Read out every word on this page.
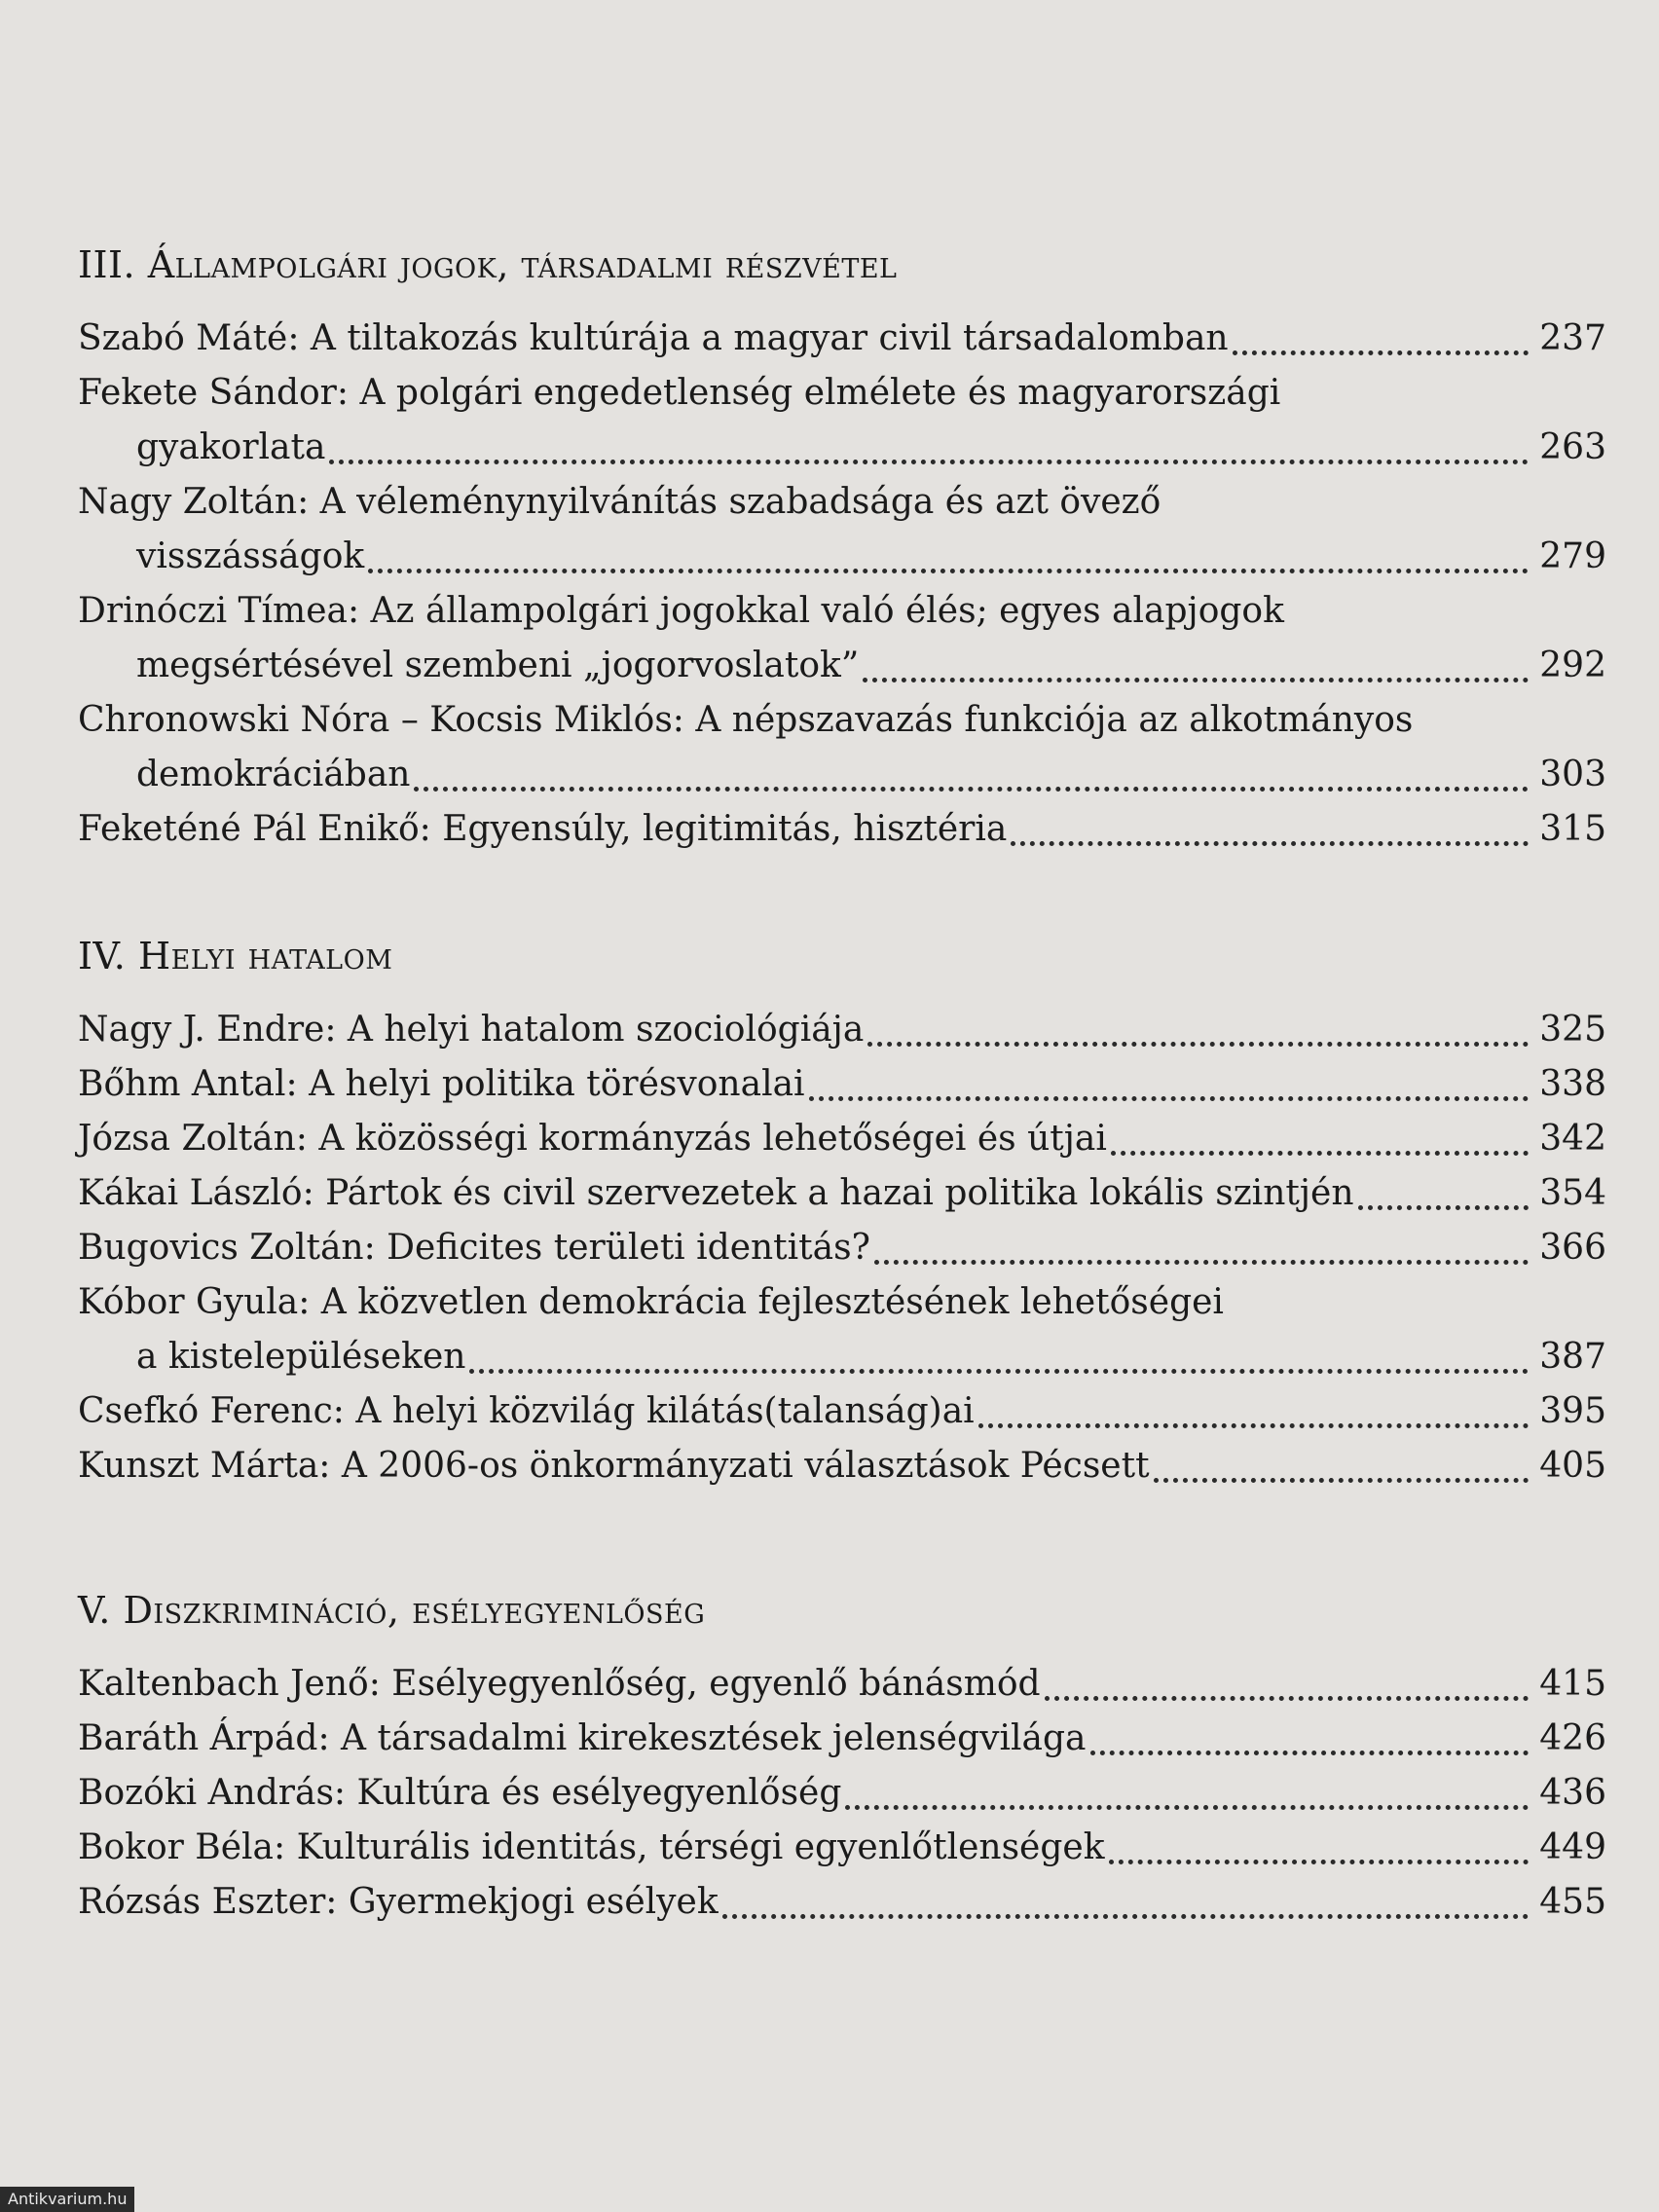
III. Állampolgári jogok, társadalmi részvétel
Szabó Máté: A tiltakozás kultúrája a magyar civil társadalomban	237
Fekete Sándor: A polgári engedetlenség elmélete és magyarországi
gyakorlata	263
Nagy Zoltán: A véleménynyilvánítás szabadsága és azt övező
visszásságok	279
Drinóczi Tímea: Az állampolgári jogokkal való élés; egyes alapjogok
megsértésével szembeni „jogorvoslatok”	292
Chronowski Nóra – Kocsis Miklós: A népszavazás funkciója az alkotmányos
demokráciában	303
Feketéné Pál Enikő: Egyensúly, legitimitás, hisztéria	315
IV. Helyi hatalom
Nagy J. Endre: A helyi hatalom szociológiája	325
Bőhm Antal: A helyi politika törésvonalai	338
Józsa Zoltán: A közösségi kormányzás lehetőségei és útjai	342
Kákai László: Pártok és civil szervezetek a hazai politika lokális szintjén	354
Bugovics Zoltán: Deficites területi identitás?	366
Kóbor Gyula: A közvetlen demokrácia fejlesztésének lehetőségei
a kistelepüléseken	387
Csefkó Ferenc: A helyi közvilág kilátás(talanság)ai	395
Kunszt Márta: A 2006-os önkormányzati választások Pécsett	405
V. Diszkrimináció, esélyegyenlőség
Kaltenbach Jenő: Esélyegyenlőség, egyenlő bánásmód	415
Baráth Árpád: A társadalmi kirekesztések jelenségvilága	426
Bozóki András: Kultúra és esélyegyenlőség	436
Bokor Béla: Kulturális identitás, térségi egyenlőtlenségek	449
Rózsás Eszter: Gyermekjogi esélyek	455
Antikvarium.hu
